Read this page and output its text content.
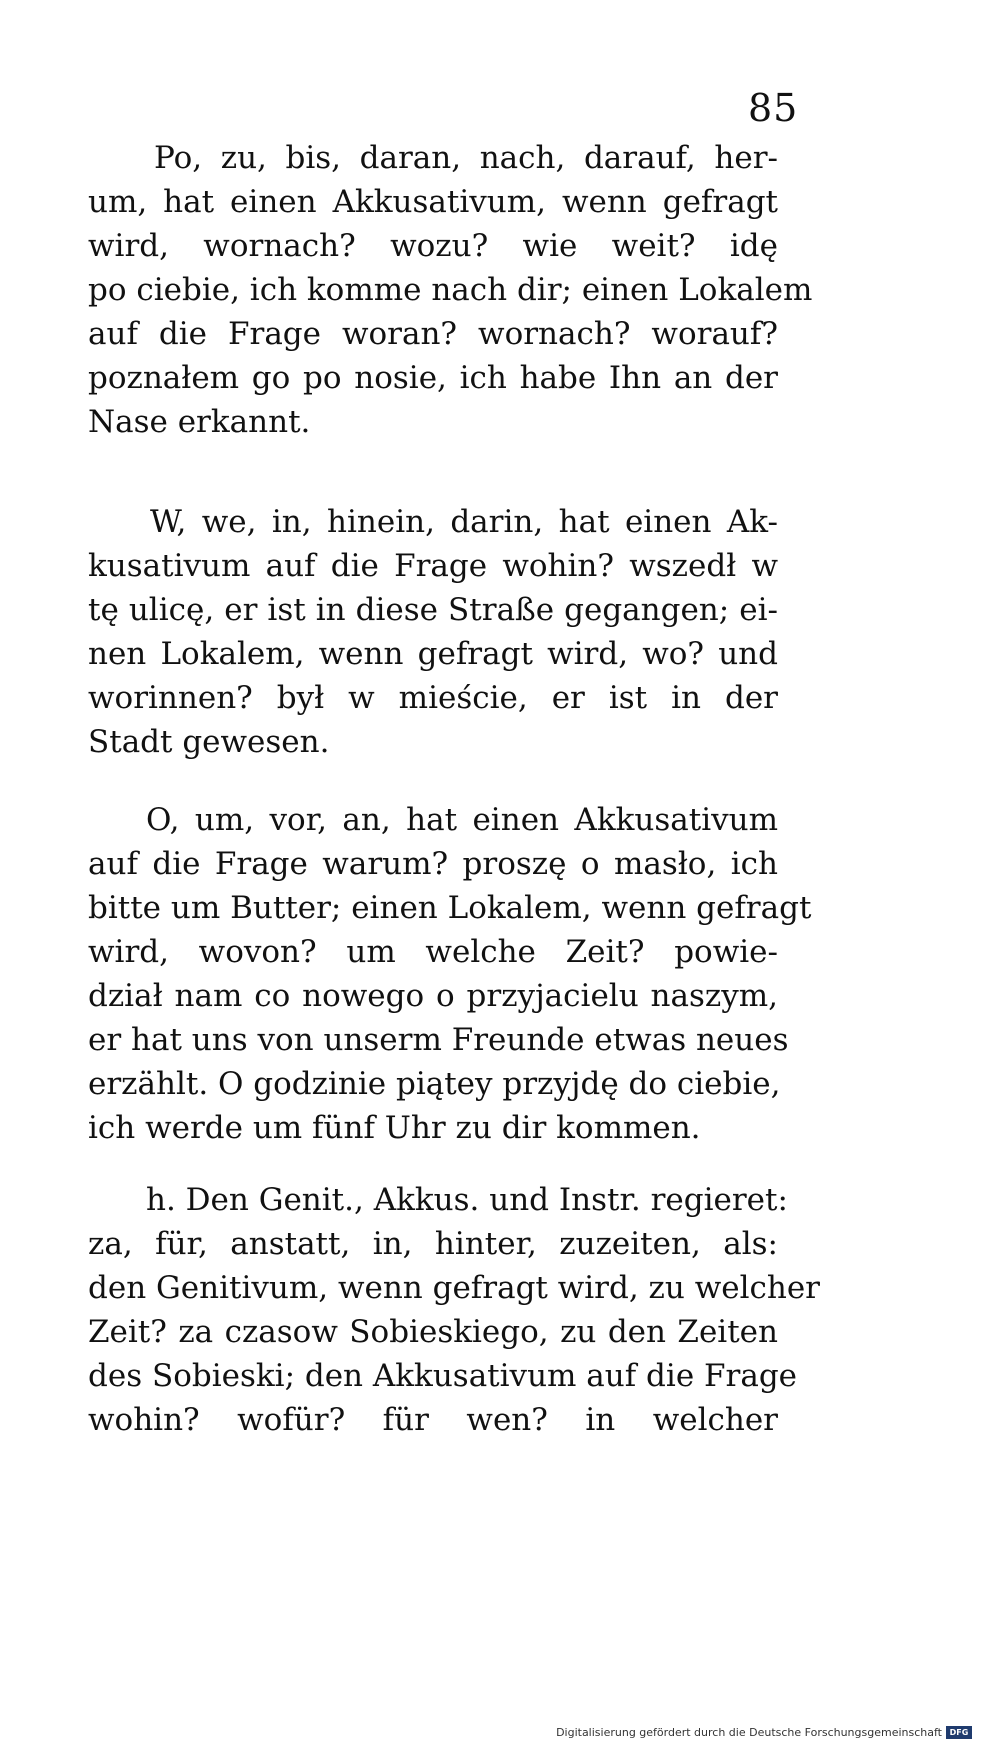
85
Po, zu, bis, daran, nach, darauf, her-
um, hat einen Akkusativum, wenn gefragt
wird, wornach? wozu? wie weit? idę
po ciebie, ich komme nach dir; einen Lokalem
auf die Frage woran? wornach? worauf?
poznałem go po nosie, ich habe Ihn an der
Nase erkannt.
W, we, in, hinein, darin, hat einen Ak-
kusativum auf die Frage wohin? wszedł w
tę ulicę, er ist in diese Straße gegangen; ei-
nen Lokalem, wenn gefragt wird, wo? und
worinnen? był w mieście, er ist in der
Stadt gewesen.
O, um, vor, an, hat einen Akkusativum
auf die Frage warum? proszę o masło, ich
bitte um Butter; einen Lokalem, wenn gefragt
wird, wovon? um welche Zeit? powie-
dział nam co nowego o przyjacielu naszym,
er hat uns von unserm Freunde etwas neues
erzählt. O godzinie piątey przyjdę do ciebie,
ich werde um fünf Uhr zu dir kommen.
h. Den Genit., Akkus. und Instr. regieret:
za, für, anstatt, in, hinter, zuzeiten, als:
den Genitivum, wenn gefragt wird, zu welcher
Zeit? za czasow Sobieskiego, zu den Zeiten
des Sobieski; den Akkusativum auf die Frage
wohin? wofür? für wen? in welcher
Digitalisierung gefördert durch die Deutsche Forschungsgemeinschaft DFG
